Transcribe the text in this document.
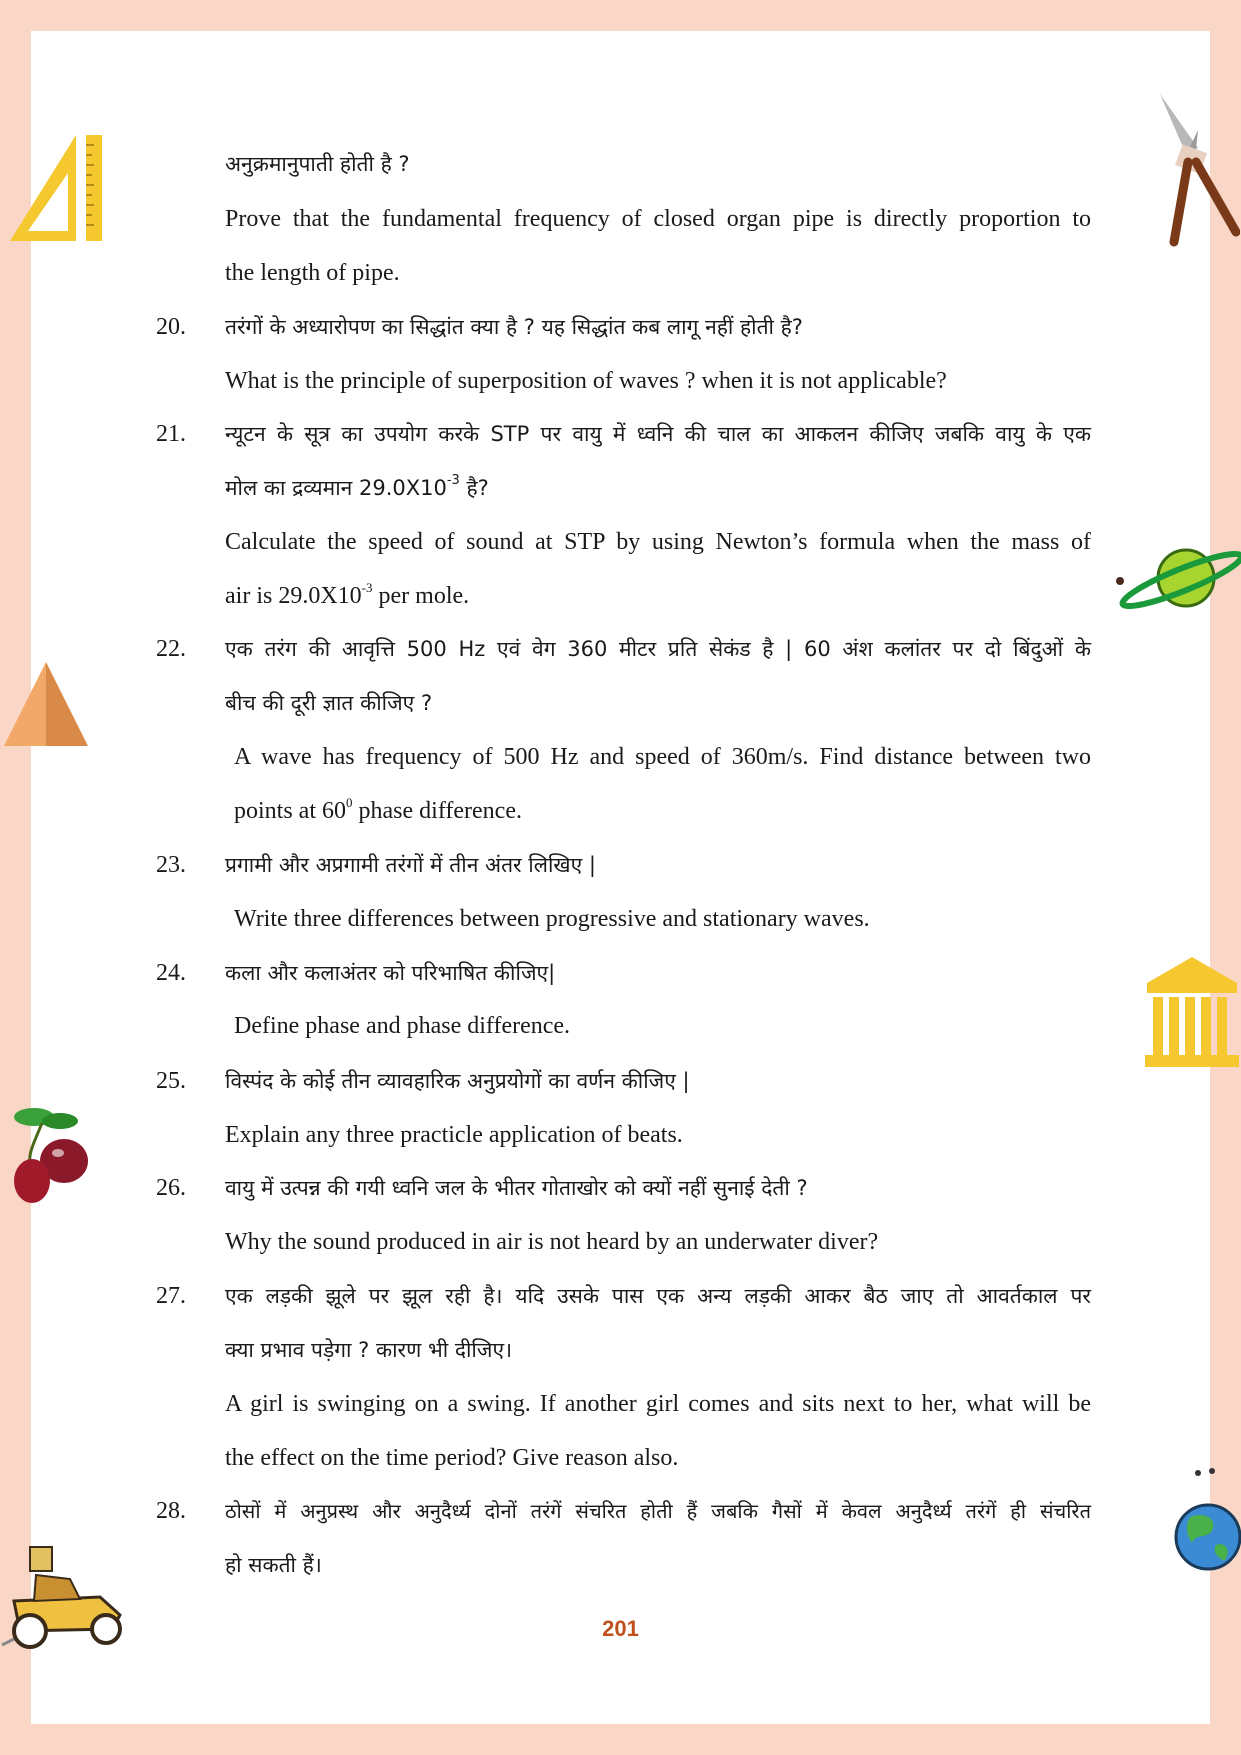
अनुक्रमानुपाती होती है ?
Prove that the fundamental frequency of closed organ pipe is directly proportion to
the length of pipe.
20. तरंगों के अध्यारोपण का सिद्धांत क्या है ? यह सिद्धांत कब लागू नहीं होती है?
What is the principle of superposition of waves ? when it is not applicable?
21. न्यूटन के सूत्र का उपयोग करके STP पर वायु में ध्वनि की चाल का आकलन कीजिए जबकि वायु के एक
मोल का द्रव्यमान $29.0X10^{-3}$ है?
Calculate the speed of sound at STP by using Newton’s formula when the mass of
air is $29.0X10^{-3}$ per mole.
22. एक तरंग की आवृत्ति 500 Hz एवं वेग 360 मीटर प्रति सेकंड है | 60 अंश कलांतर पर दो बिंदुओं के
बीच की दूरी ज्ञात कीजिए ?
A wave has frequency of 500 Hz and speed of 360m/s. Find distance between two
points at $60^0$ phase difference.
23. प्रगामी और अप्रगामी तरंगों में तीन अंतर लिखिए |
Write three differences between progressive and stationary waves.
24. कला और कलाअंतर को परिभाषित कीजिए|
Define phase and phase difference.
25. विस्पंद के कोई तीन व्यावहारिक अनुप्रयोगों का वर्णन कीजिए |
Explain any three practicle application of beats.
26. वायु में उत्पन्न की गयी ध्वनि जल के भीतर गोताखोर को क्यों नहीं सुनाई देती ?
Why the sound produced in air is not heard by an underwater diver?
27. एक लड़की झूले पर झूल रही है। यदि उसके पास एक अन्य लड़की आकर बैठ जाए तो आवर्तकाल पर
क्या प्रभाव पड़ेगा ? कारण भी दीजिए।
A girl is swinging on a swing. If another girl comes and sits next to her, what will be
the effect on the time period? Give reason also.
28. ठोसों में अनुप्रस्थ और अनुदैर्ध्य दोनों तरंगें संचरित होती हैं जबकि गैसों में केवल अनुदैर्ध्य तरंगें ही संचरित
हो सकती हैं।
201
